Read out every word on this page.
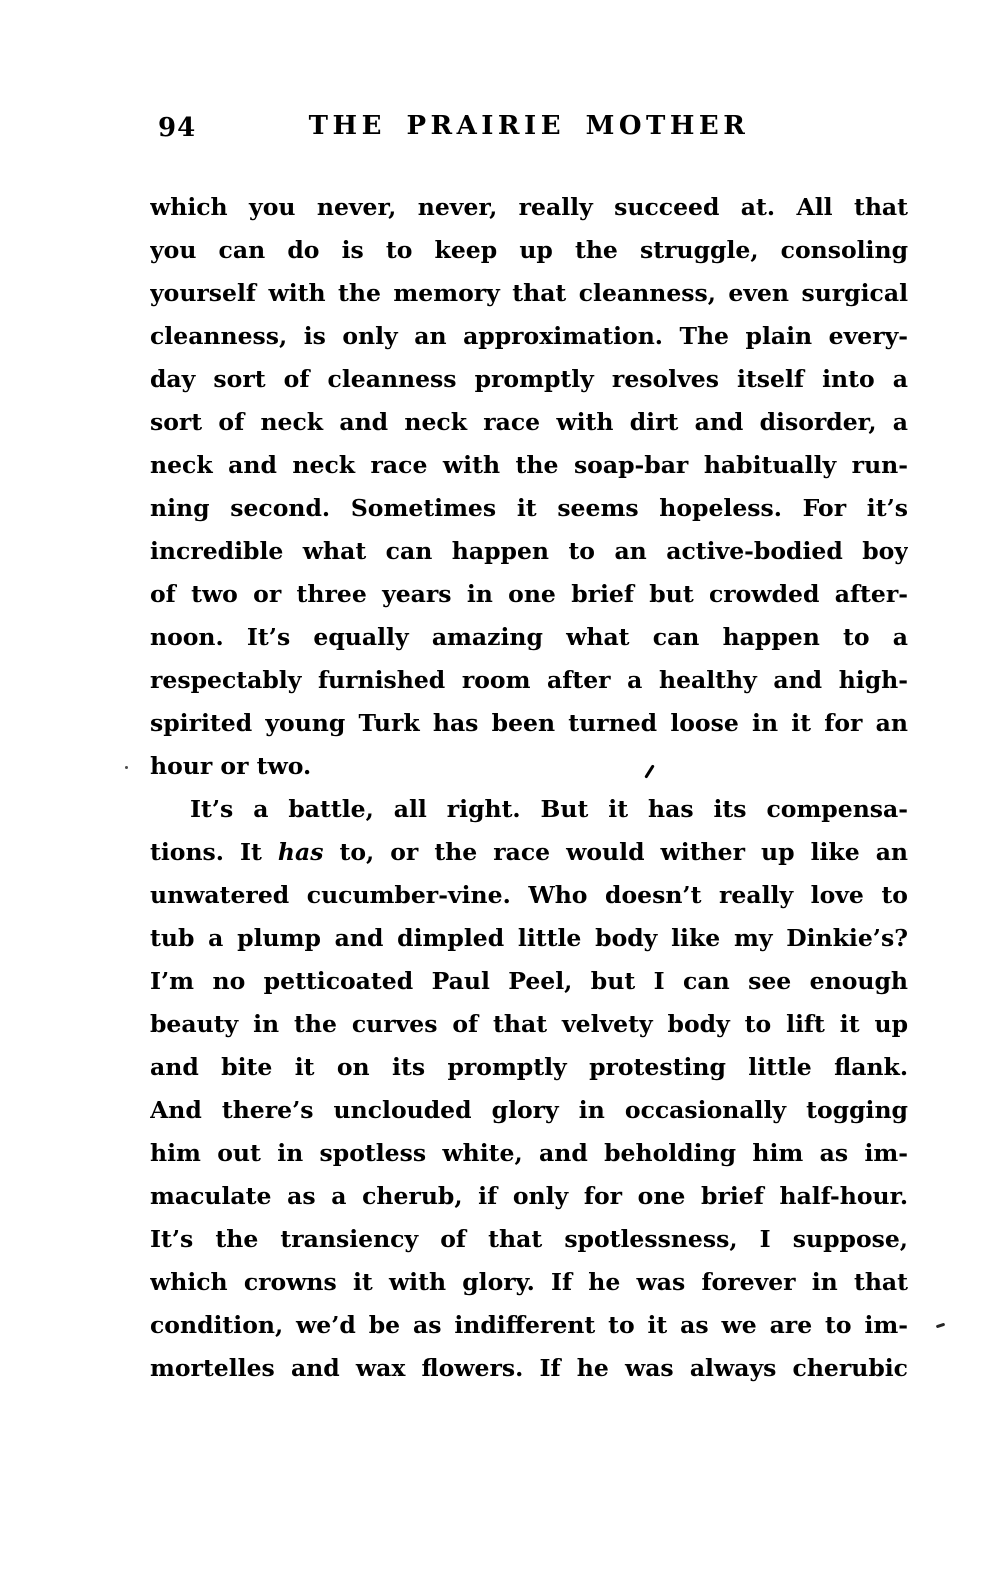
94	THE PRAIRIE MOTHER
which you never, never, really succeed at. All that
you can do is to keep up the struggle, consoling
yourself with the memory that cleanness, even surgical
cleanness, is only an approximation. The plain every-
day sort of cleanness promptly resolves itself into a
sort of neck and neck race with dirt and disorder, a
neck and neck race with the soap-bar habitually run-
ning second. Sometimes it seems hopeless. For it’s
incredible what can happen to an active-bodied boy
of two or three years in one brief but crowded after-
noon. It’s equally amazing what can happen to a
respectably furnished room after a healthy and high-
spirited young Turk has been turned loose in it for an
hour or two.
It’s a battle, all right. But it has its compensa-
tions. It has to, or the race would wither up like an
unwatered cucumber-vine. Who doesn’t really love to
tub a plump and dimpled little body like my Dinkie’s?
I’m no petticoated Paul Peel, but I can see enough
beauty in the curves of that velvety body to lift it up
and bite it on its promptly protesting little flank.
And there’s unclouded glory in occasionally togging
him out in spotless white, and beholding him as im-
maculate as a cherub, if only for one brief half-hour.
It’s the transiency of that spotlessness, I suppose,
which crowns it with glory. If he was forever in that
condition, we’d be as indifferent to it as we are to im-
mortelles and wax flowers. If he was always cherubic
